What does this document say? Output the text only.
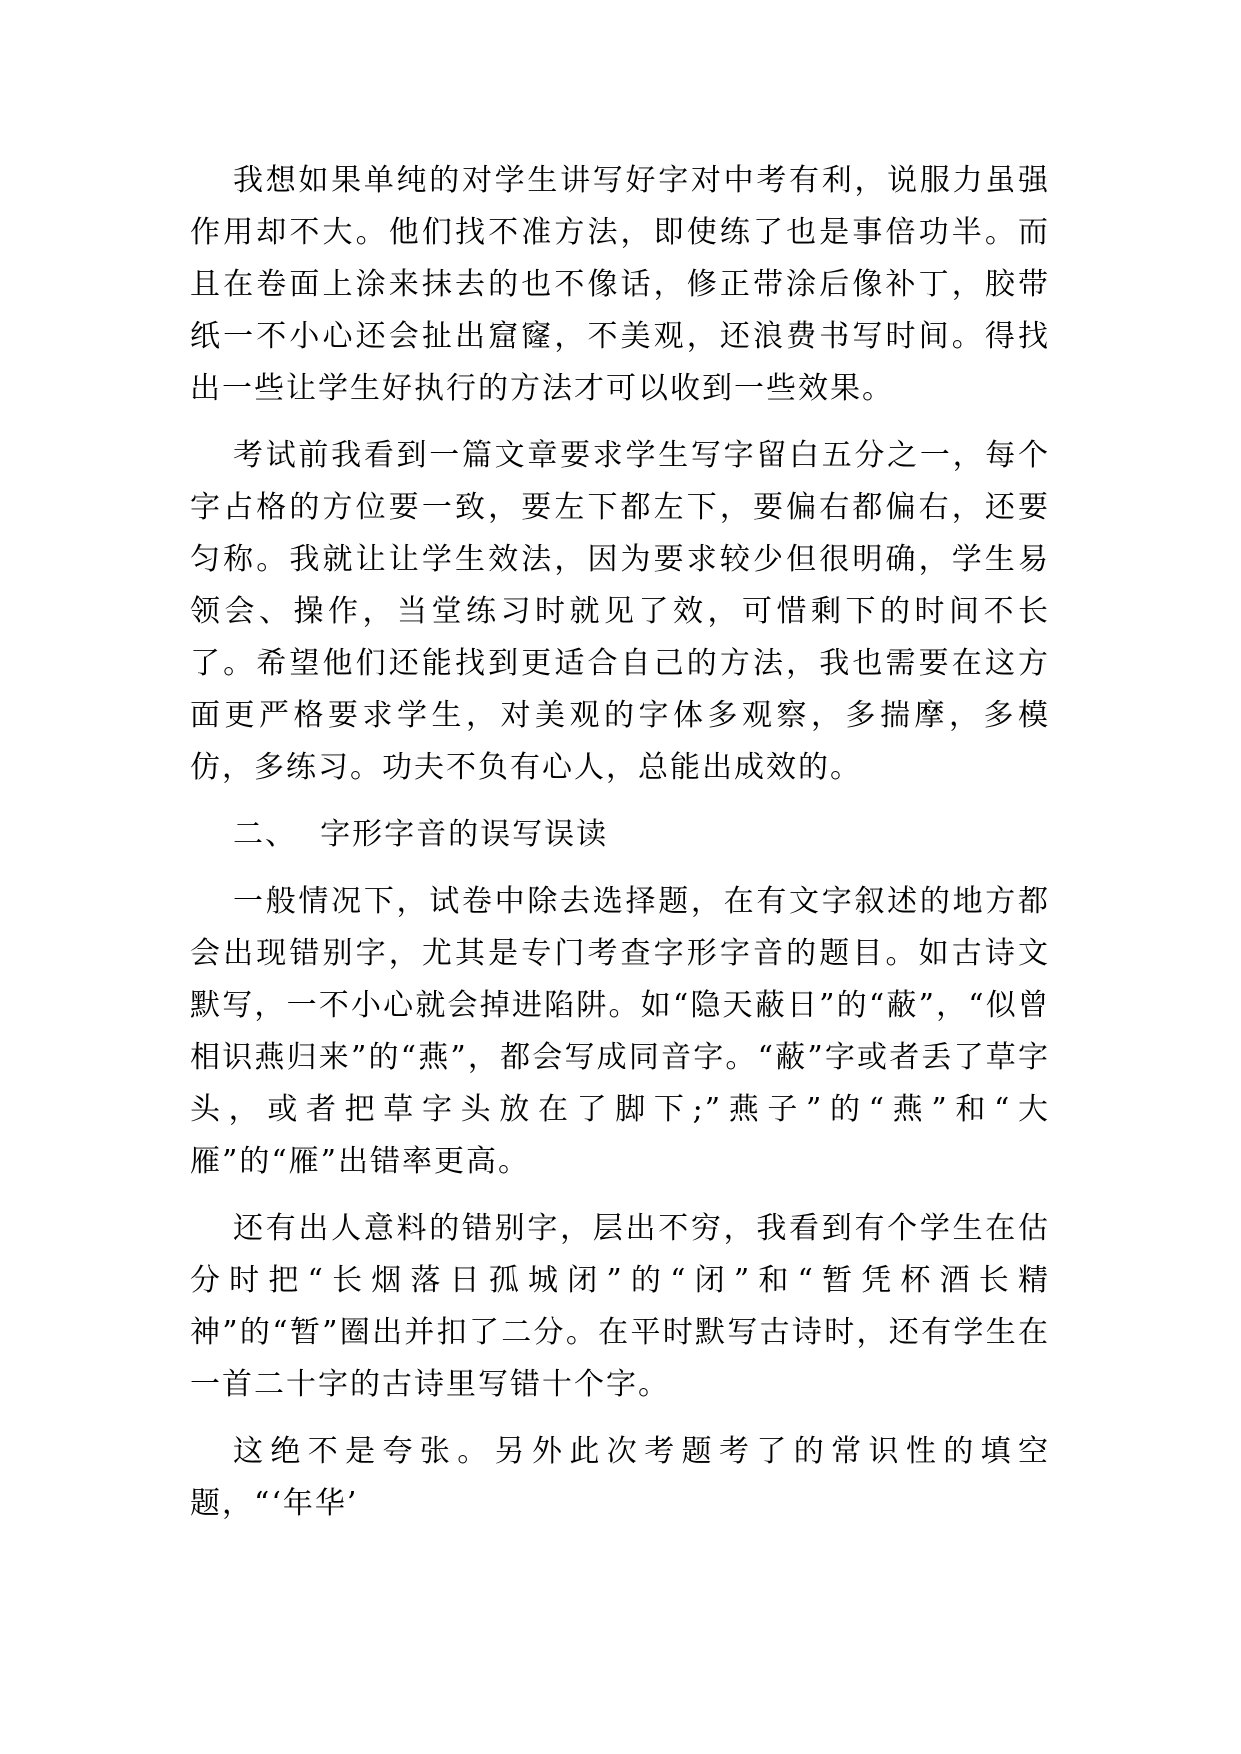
我想如果单纯的对学生讲写好字对中考有利，说服力虽强作用却不大。他们找不准方法，即使练了也是事倍功半。而且在卷面上涂来抹去的也不像话，修正带涂后像补丁，胶带纸一不小心还会扯出窟窿，不美观，还浪费书写时间。得找出一些让学生好执行的方法才可以收到一些效果。

考试前我看到一篇文章要求学生写字留白五分之一，每个字占格的方位要一致，要左下都左下，要偏右都偏右，还要匀称。我就让让学生效法，因为要求较少但很明确，学生易领会、操作，当堂练习时就见了效，可惜剩下的时间不长了。希望他们还能找到更适合自己的方法，我也需要在这方面更严格要求学生，对美观的字体多观察，多揣摩，多模仿，多练习。功夫不负有心人，总能出成效的。

二、  字形字音的误写误读

一般情况下，试卷中除去选择题，在有文字叙述的地方都会出现错别字，尤其是专门考查字形字音的题目。如古诗文默写，一不小心就会掉进陷阱。如“隐天蔽日”的“蔽”，“似曾相识燕归来”的“燕”，都会写成同音字。“蔽”字或者丢了草字头，或者把草字头放在了脚下;”燕子”的“燕”和“大雁”的“雁”出错率更高。

还有出人意料的错别字，层出不穷，我看到有个学生在估分时把“长烟落日孤城闭”的“闭”和“暂凭杯酒长精神”的“暂”圈出并扣了二分。在平时默写古诗时，还有学生在一首二十字的古诗里写错十个字。

这绝不是夸张。另外此次考题考了的常识性的填空题，“‘年华’
